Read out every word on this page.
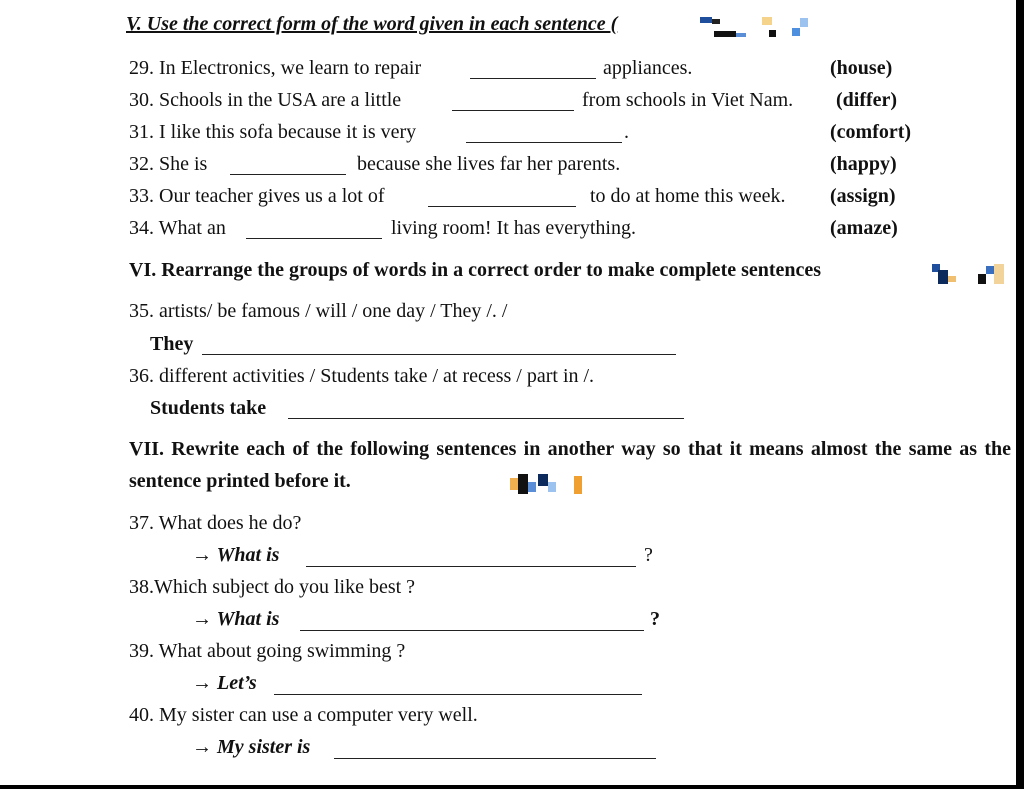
V. Use the correct form of the word given in each sentence (
29. In Electronics, we learn to repair	appliances.	(house)
30. Schools in the USA are a little	from schools in Viet Nam. (differ)
31. I like this sofa because it is very	.	(comfort)
32. She is	because she lives far her parents.	(happy)
33. Our teacher gives us a lot of	to do at home this week. (assign)
34. What an	living room! It has everything.	(amaze)
VI. Rearrange the groups of words in a correct order to make complete sentences
35. artists/ be famous / will / one day / They /. /
They
36. different activities / Students take / at recess / part in /.
Students take
VII. Rewrite each of the following sentences in another way so that it means almost the same as the sentence printed before it.
37. What does he do?
→ What is	?
38.Which subject do you like best ?
→ What is	?
39. What about going swimming ?
→ Let’s
40. My sister can use a computer very well.
→ My sister is
